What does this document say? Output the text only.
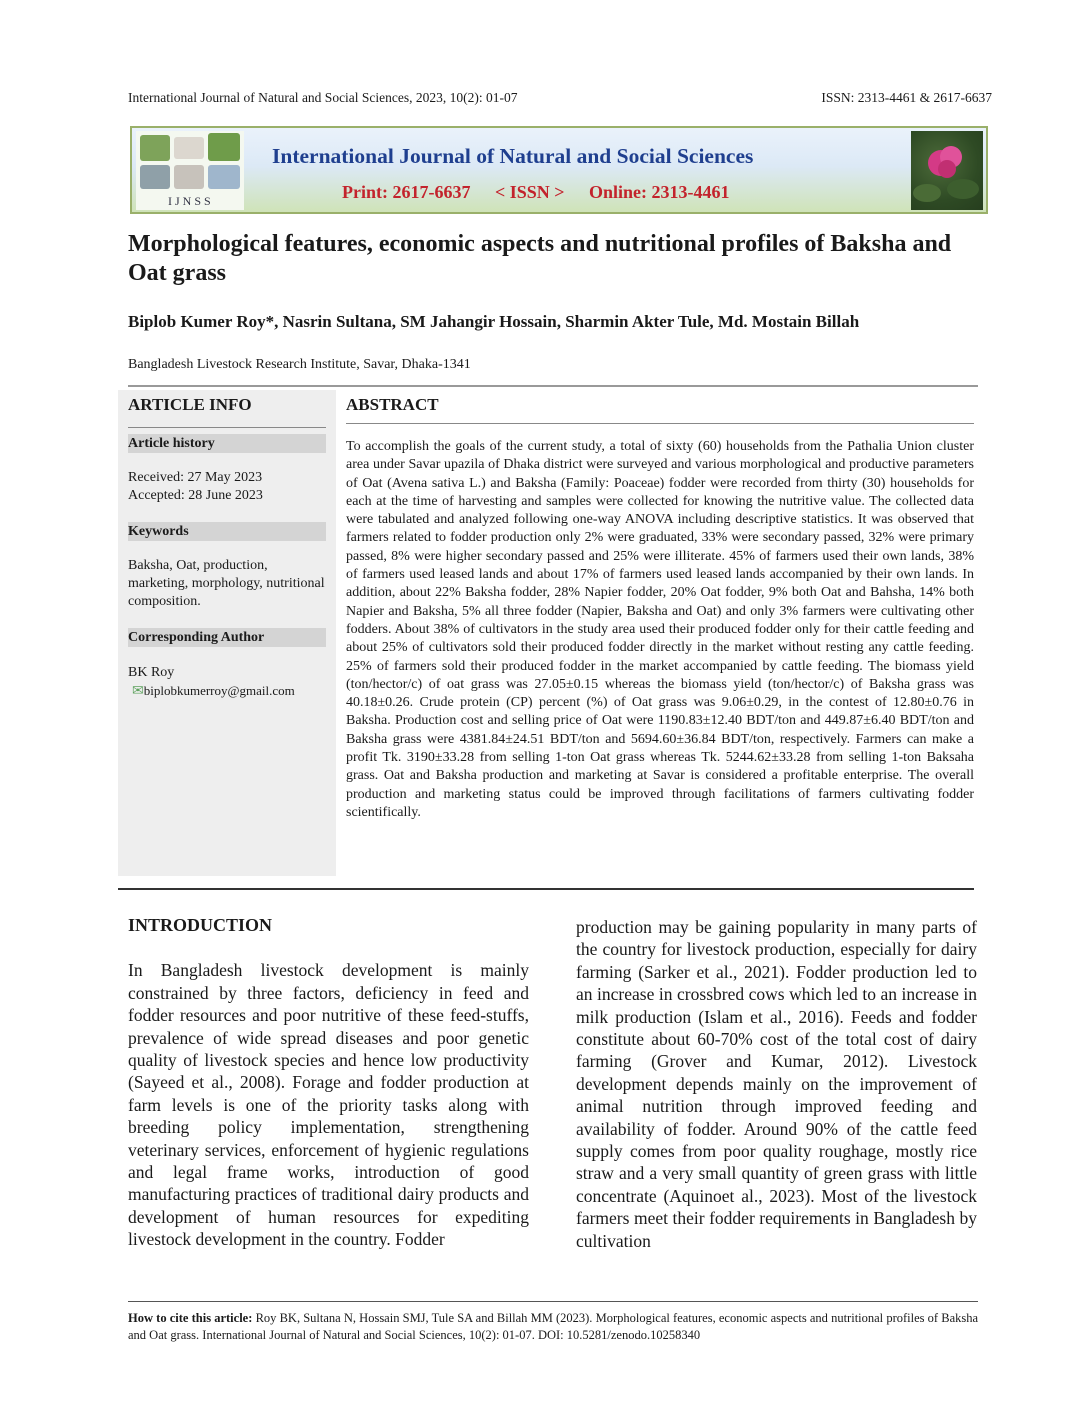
International Journal of Natural and Social Sciences, 2023, 10(2): 01-07	ISSN: 2313-4461 & 2617-6637
IJNSS
International Journal of Natural and Social Sciences
Print: 2617-6637 < ISSN > Online: 2313-4461
Morphological features, economic aspects and nutritional profiles of Baksha and Oat grass
Biplob Kumer Roy*, Nasrin Sultana, SM Jahangir Hossain, Sharmin Akter Tule, Md. Mostain Billah
Bangladesh Livestock Research Institute, Savar, Dhaka-1341
ARTICLE INFO
Article history
Received: 27 May 2023
Accepted: 28 June 2023
Keywords
Baksha, Oat, production, marketing, morphology, nutritional composition.
Corresponding Author
BK Roy
✉biplobkumerroy@gmail.com
ABSTRACT
To accomplish the goals of the current study, a total of sixty (60) households from the Pathalia Union cluster area under Savar upazila of Dhaka district were surveyed and various morphological and productive parameters of Oat (Avena sativa L.) and Baksha (Family: Poaceae) fodder were recorded from thirty (30) households for each at the time of harvesting and samples were collected for knowing the nutritive value. The collected data were tabulated and analyzed following one-way ANOVA including descriptive statistics. It was observed that farmers related to fodder production only 2% were graduated, 33% were secondary passed, 32% were primary passed, 8% were higher secondary passed and 25% were illiterate. 45% of farmers used their own lands, 38% of farmers used leased lands and about 17% of farmers used leased lands accompanied by their own lands. In addition, about 22% Baksha fodder, 28% Napier fodder, 20% Oat fodder, 9% both Oat and Bahsha, 14% both Napier and Baksha, 5% all three fodder (Napier, Baksha and Oat) and only 3% farmers were cultivating other fodders. About 38% of cultivators in the study area used their produced fodder only for their cattle feeding and about 25% of cultivators sold their produced fodder directly in the market without resting any cattle feeding. 25% of farmers sold their produced fodder in the market accompanied by cattle feeding. The biomass yield (ton/hector/c) of oat grass was 27.05±0.15 whereas the biomass yield (ton/hector/c) of Baksha grass was 40.18±0.26. Crude protein (CP) percent (%) of Oat grass was 9.06±0.29, in the contest of 12.80±0.76 in Baksha. Production cost and selling price of Oat were 1190.83±12.40 BDT/ton and 449.87±6.40 BDT/ton and Baksha grass were 4381.84±24.51 BDT/ton and 5694.60±36.84 BDT/ton, respectively. Farmers can make a profit Tk. 3190±33.28 from selling 1-ton Oat grass whereas Tk. 5244.62±33.28 from selling 1-ton Baksaha grass. Oat and Baksha production and marketing at Savar is considered a profitable enterprise. The overall production and marketing status could be improved through facilitations of farmers cultivating fodder scientifically.
INTRODUCTION
In Bangladesh livestock development is mainly constrained by three factors, deficiency in feed and fodder resources and poor nutritive of these feed-stuffs, prevalence of wide spread diseases and poor genetic quality of livestock species and hence low productivity (Sayeed et al., 2008). Forage and fodder production at farm levels is one of the priority tasks along with breeding policy implementation, strengthening veterinary services, enforcement of hygienic regulations and legal frame works, introduction of good manufacturing practices of traditional dairy products and development of human resources for expediting livestock development in the country. Fodder
production may be gaining popularity in many parts of the country for livestock production, especially for dairy farming (Sarker et al., 2021). Fodder production led to an increase in crossbred cows which led to an increase in milk production (Islam et al., 2016). Feeds and fodder constitute about 60-70% cost of the total cost of dairy farming (Grover and Kumar, 2012). Livestock development depends mainly on the improvement of animal nutrition through improved feeding and availability of fodder. Around 90% of the cattle feed supply comes from poor quality roughage, mostly rice straw and a very small quantity of green grass with little concentrate (Aquinoet al., 2023). Most of the livestock farmers meet their fodder requirements in Bangladesh by cultivation
How to cite this article: Roy BK, Sultana N, Hossain SMJ, Tule SA and Billah MM (2023). Morphological features, economic aspects and nutritional profiles of Baksha and Oat grass. International Journal of Natural and Social Sciences, 10(2): 01-07. DOI: 10.5281/zenodo.10258340
